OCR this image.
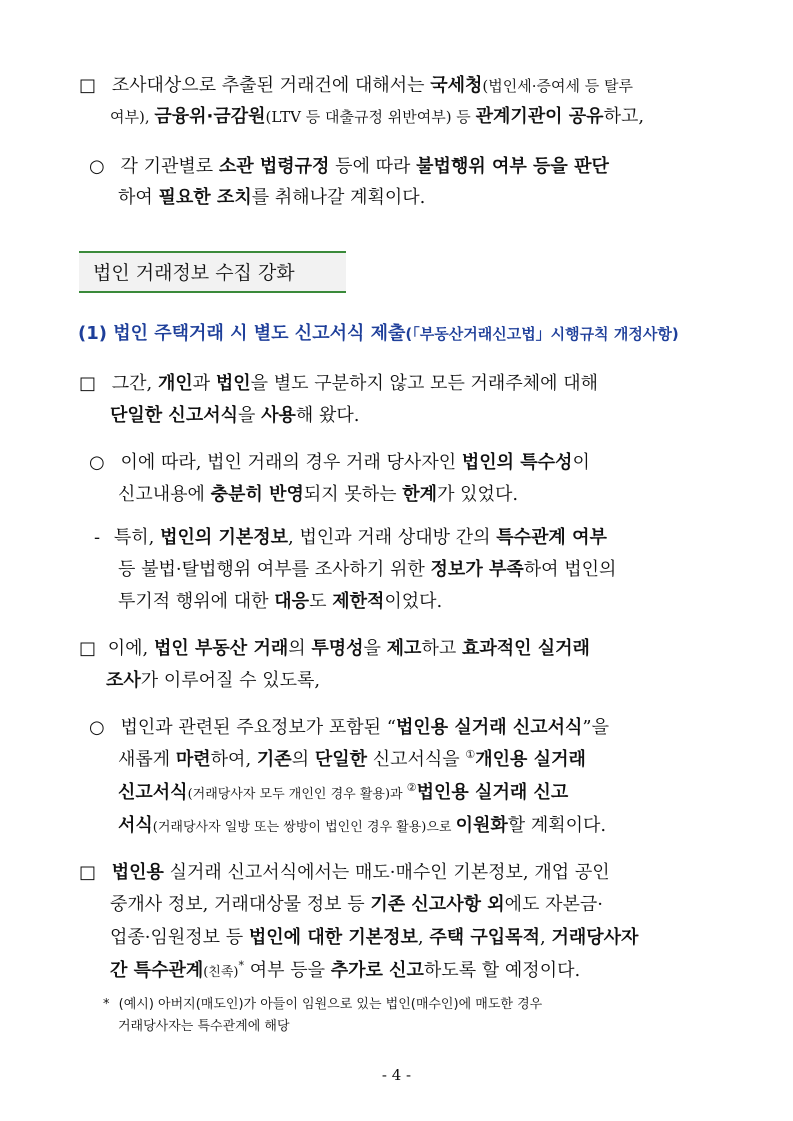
□ 조사대상으로 추출된 거래건에 대해서는 국세청(법인세·증여세 등 탈루
여부), 금융위·금감원(LTV 등 대출규정 위반여부) 등 관계기관이 공유하고,
○ 각 기관별로 소관 법령규정 등에 따라 불법행위 여부 등을 판단
하여 필요한 조치를 취해나갈 계획이다.
법인 거래정보 수집 강화
(1) 법인 주택거래 시 별도 신고서식 제출(「부동산거래신고법」시행규칙 개정사항)
□ 그간, 개인과 법인을 별도 구분하지 않고 모든 거래주체에 대해
단일한 신고서식을 사용해 왔다.
○ 이에 따라, 법인 거래의 경우 거래 당사자인 법인의 특수성이
신고내용에 충분히 반영되지 못하는 한계가 있었다.
- 특히, 법인의 기본정보, 법인과 거래 상대방 간의 특수관계 여부
등 불법·탈법행위 여부를 조사하기 위한 정보가 부족하여 법인의
투기적 행위에 대한 대응도 제한적이었다.
□ 이에, 법인 부동산 거래의 투명성을 제고하고 효과적인 실거래
조사가 이루어질 수 있도록,
○ 법인과 관련된 주요정보가 포함된 “법인용 실거래 신고서식”을
새롭게 마련하여, 기존의 단일한 신고서식을 ①개인용 실거래
신고서식(거래당사자 모두 개인인 경우 활용)과 ②법인용 실거래 신고
서식(거래당사자 일방 또는 쌍방이 법인인 경우 활용)으로 이원화할 계획이다.
□ 법인용 실거래 신고서식에서는 매도·매수인 기본정보, 개업 공인
중개사 정보, 거래대상물 정보 등 기존 신고사항 외에도 자본금·
업종·임원정보 등 법인에 대한 기본정보, 주택 구입목적, 거래당사자
간 특수관계(친족)* 여부 등을 추가로 신고하도록 할 예정이다.
* (예시) 아버지(매도인)가 아들이 임원으로 있는 법인(매수인)에 매도한 경우
거래당사자는 특수관계에 해당
- 4 -
